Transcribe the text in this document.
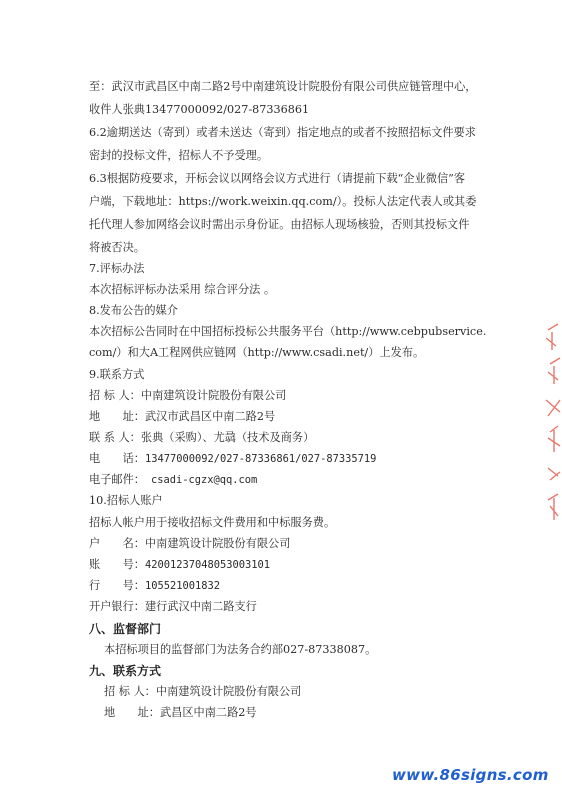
至：武汉市武昌区中南二路2号中南建筑设计院股份有限公司供应链管理中心，
收件人张典13477000092/027-87336861
6.2逾期送达（寄到）或者未送达（寄到）指定地点的或者不按照招标文件要求
密封的投标文件，招标人不予受理。
6.3根据防疫要求，开标会议以网络会议方式进行（请提前下载“企业微信”客
户端，下载地址：https://work.weixin.qq.com/）。投标人法定代表人或其委
托代理人参加网络会议时需出示身份证。由招标人现场核验，否则其投标文件
将被否决。
7.评标办法
本次招标评标办法采用 综合评分法 。
8.发布公告的媒介
本次招标公告同时在中国招标投标公共服务平台（http://www.cebpubservice.
com/）和大A工程网供应链网（http://www.csadi.net/）上发布。
9.联系方式
招 标 人：中南建筑设计院股份有限公司
地　　址：武汉市武昌区中南二路2号
联 系 人：张典（采购）、尤骉（技术及商务）
电　　话：13477000092/027-87336861/027-87335719
电子邮件： csadi-cgzx@qq.com
10.招标人账户
招标人帐户用于接收招标文件费用和中标服务费。
户　　名：中南建筑设计院股份有限公司
账　　号：42001237048053003101
行　　号：105521001832
开户银行：建行武汉中南二路支行
八、监督部门
本招标项目的监督部门为法务合约部027-87338087。
九、联系方式
招 标 人：中南建筑设计院股份有限公司
地　　址：武昌区中南二路2号
www.86signs.com
